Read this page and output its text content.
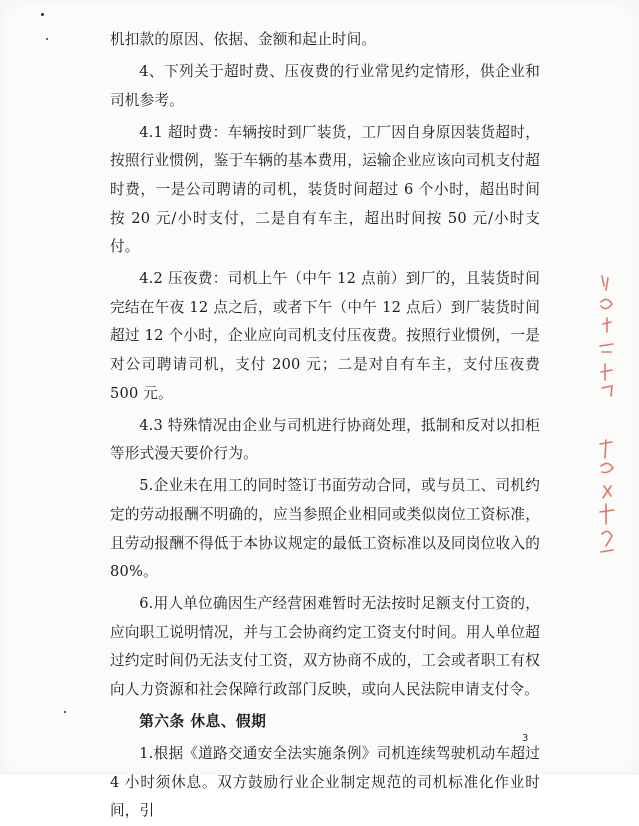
机扣款的原因、依据、金额和起止时间。

4、下列关于超时费、压夜费的行业常见约定情形，供企业和司机参考。

4.1 超时费：车辆按时到厂装货，工厂因自身原因装货超时，按照行业惯例，鉴于车辆的基本费用，运输企业应该向司机支付超时费，一是公司聘请的司机，装货时间超过 6 个小时，超出时间按 20 元/小时支付，二是自有车主，超出时间按 50 元/小时支付。

4.2 压夜费：司机上午（中午 12 点前）到厂的，且装货时间完结在午夜 12 点之后，或者下午（中午 12 点后）到厂装货时间超过 12 个小时，企业应向司机支付压夜费。按照行业惯例，一是对公司聘请司机，支付 200 元；二是对自有车主，支付压夜费 500 元。

4.3 特殊情况由企业与司机进行协商处理，抵制和反对以扣柜等形式漫天要价行为。

5.企业未在用工的同时签订书面劳动合同，或与员工、司机约定的劳动报酬不明确的，应当参照企业相同或类似岗位工资标准，且劳动报酬不得低于本协议规定的最低工资标准以及同岗位收入的 80%。

6.用人单位确因生产经营困难暂时无法按时足额支付工资的，应向职工说明情况，并与工会协商约定工资支付时间。用人单位超过约定时间仍无法支付工资，双方协商不成的，工会或者职工有权向人力资源和社会保障行政部门反映，或向人民法院申请支付令。

第六条 休息、假期

1.根据《道路交通安全法实施条例》司机连续驾驶机动车超过 4 小时须休息。双方鼓励行业企业制定规范的司机标准化作业时间，引

3
